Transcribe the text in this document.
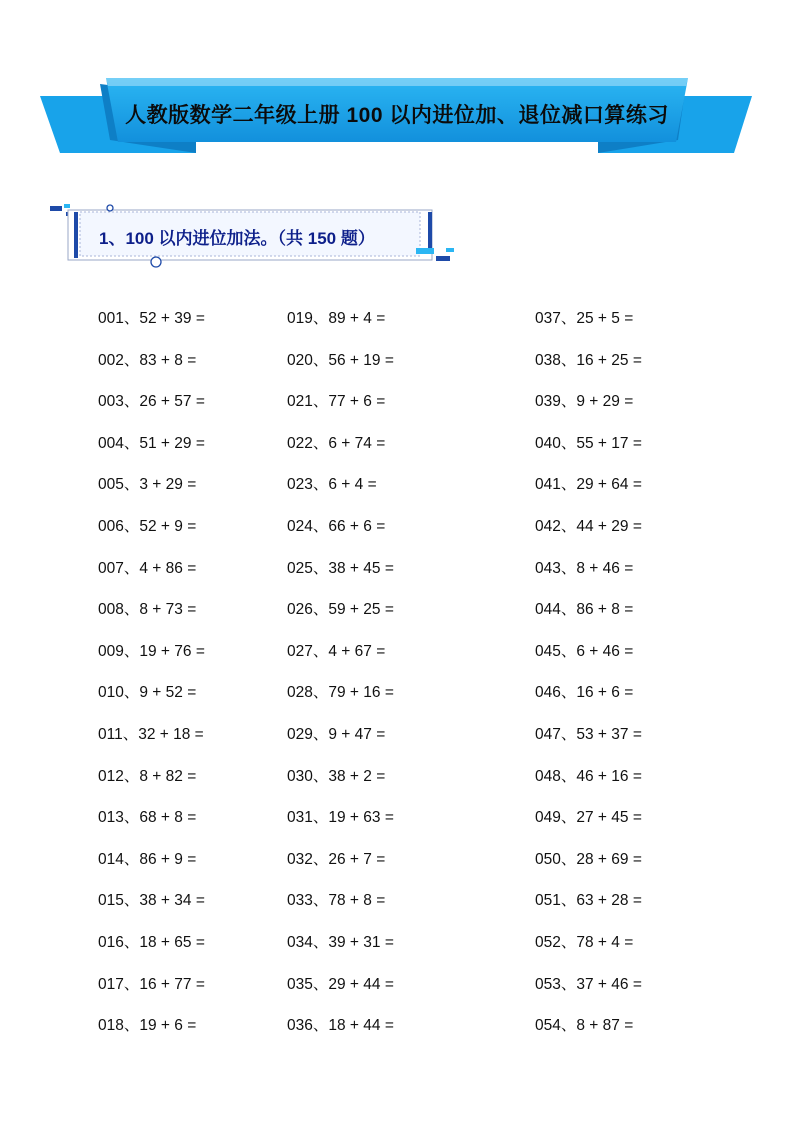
人教版数学二年级上册 100 以内进位加、退位减口算练习
1、100 以内进位加法。（共 150 题）
001、52 + 39 =
002、83 + 8 =
003、26 + 57 =
004、51 + 29 =
005、3 + 29 =
006、52 + 9 =
007、4 + 86 =
008、8 + 73 =
009、19 + 76 =
010、9 + 52 =
011、32 + 18 =
012、8 + 82 =
013、68 + 8 =
014、86 + 9 =
015、38 + 34 =
016、18 + 65 =
017、16 + 77 =
018、19 + 6 =
019、89 + 4 =
020、56 + 19 =
021、77 + 6 =
022、6 + 74 =
023、6 + 4 =
024、66 + 6 =
025、38 + 45 =
026、59 + 25 =
027、4 + 67 =
028、79 + 16 =
029、9 + 47 =
030、38 + 2 =
031、19 + 63 =
032、26 + 7 =
033、78 + 8 =
034、39 + 31 =
035、29 + 44 =
036、18 + 44 =
037、25 + 5 =
038、16 + 25 =
039、9 + 29 =
040、55 + 17 =
041、29 + 64 =
042、44 + 29 =
043、8 + 46 =
044、86 + 8 =
045、6 + 46 =
046、16 + 6 =
047、53 + 37 =
048、46 + 16 =
049、27 + 45 =
050、28 + 69 =
051、63 + 28 =
052、78 + 4 =
053、37 + 46 =
054、8 + 87 =
